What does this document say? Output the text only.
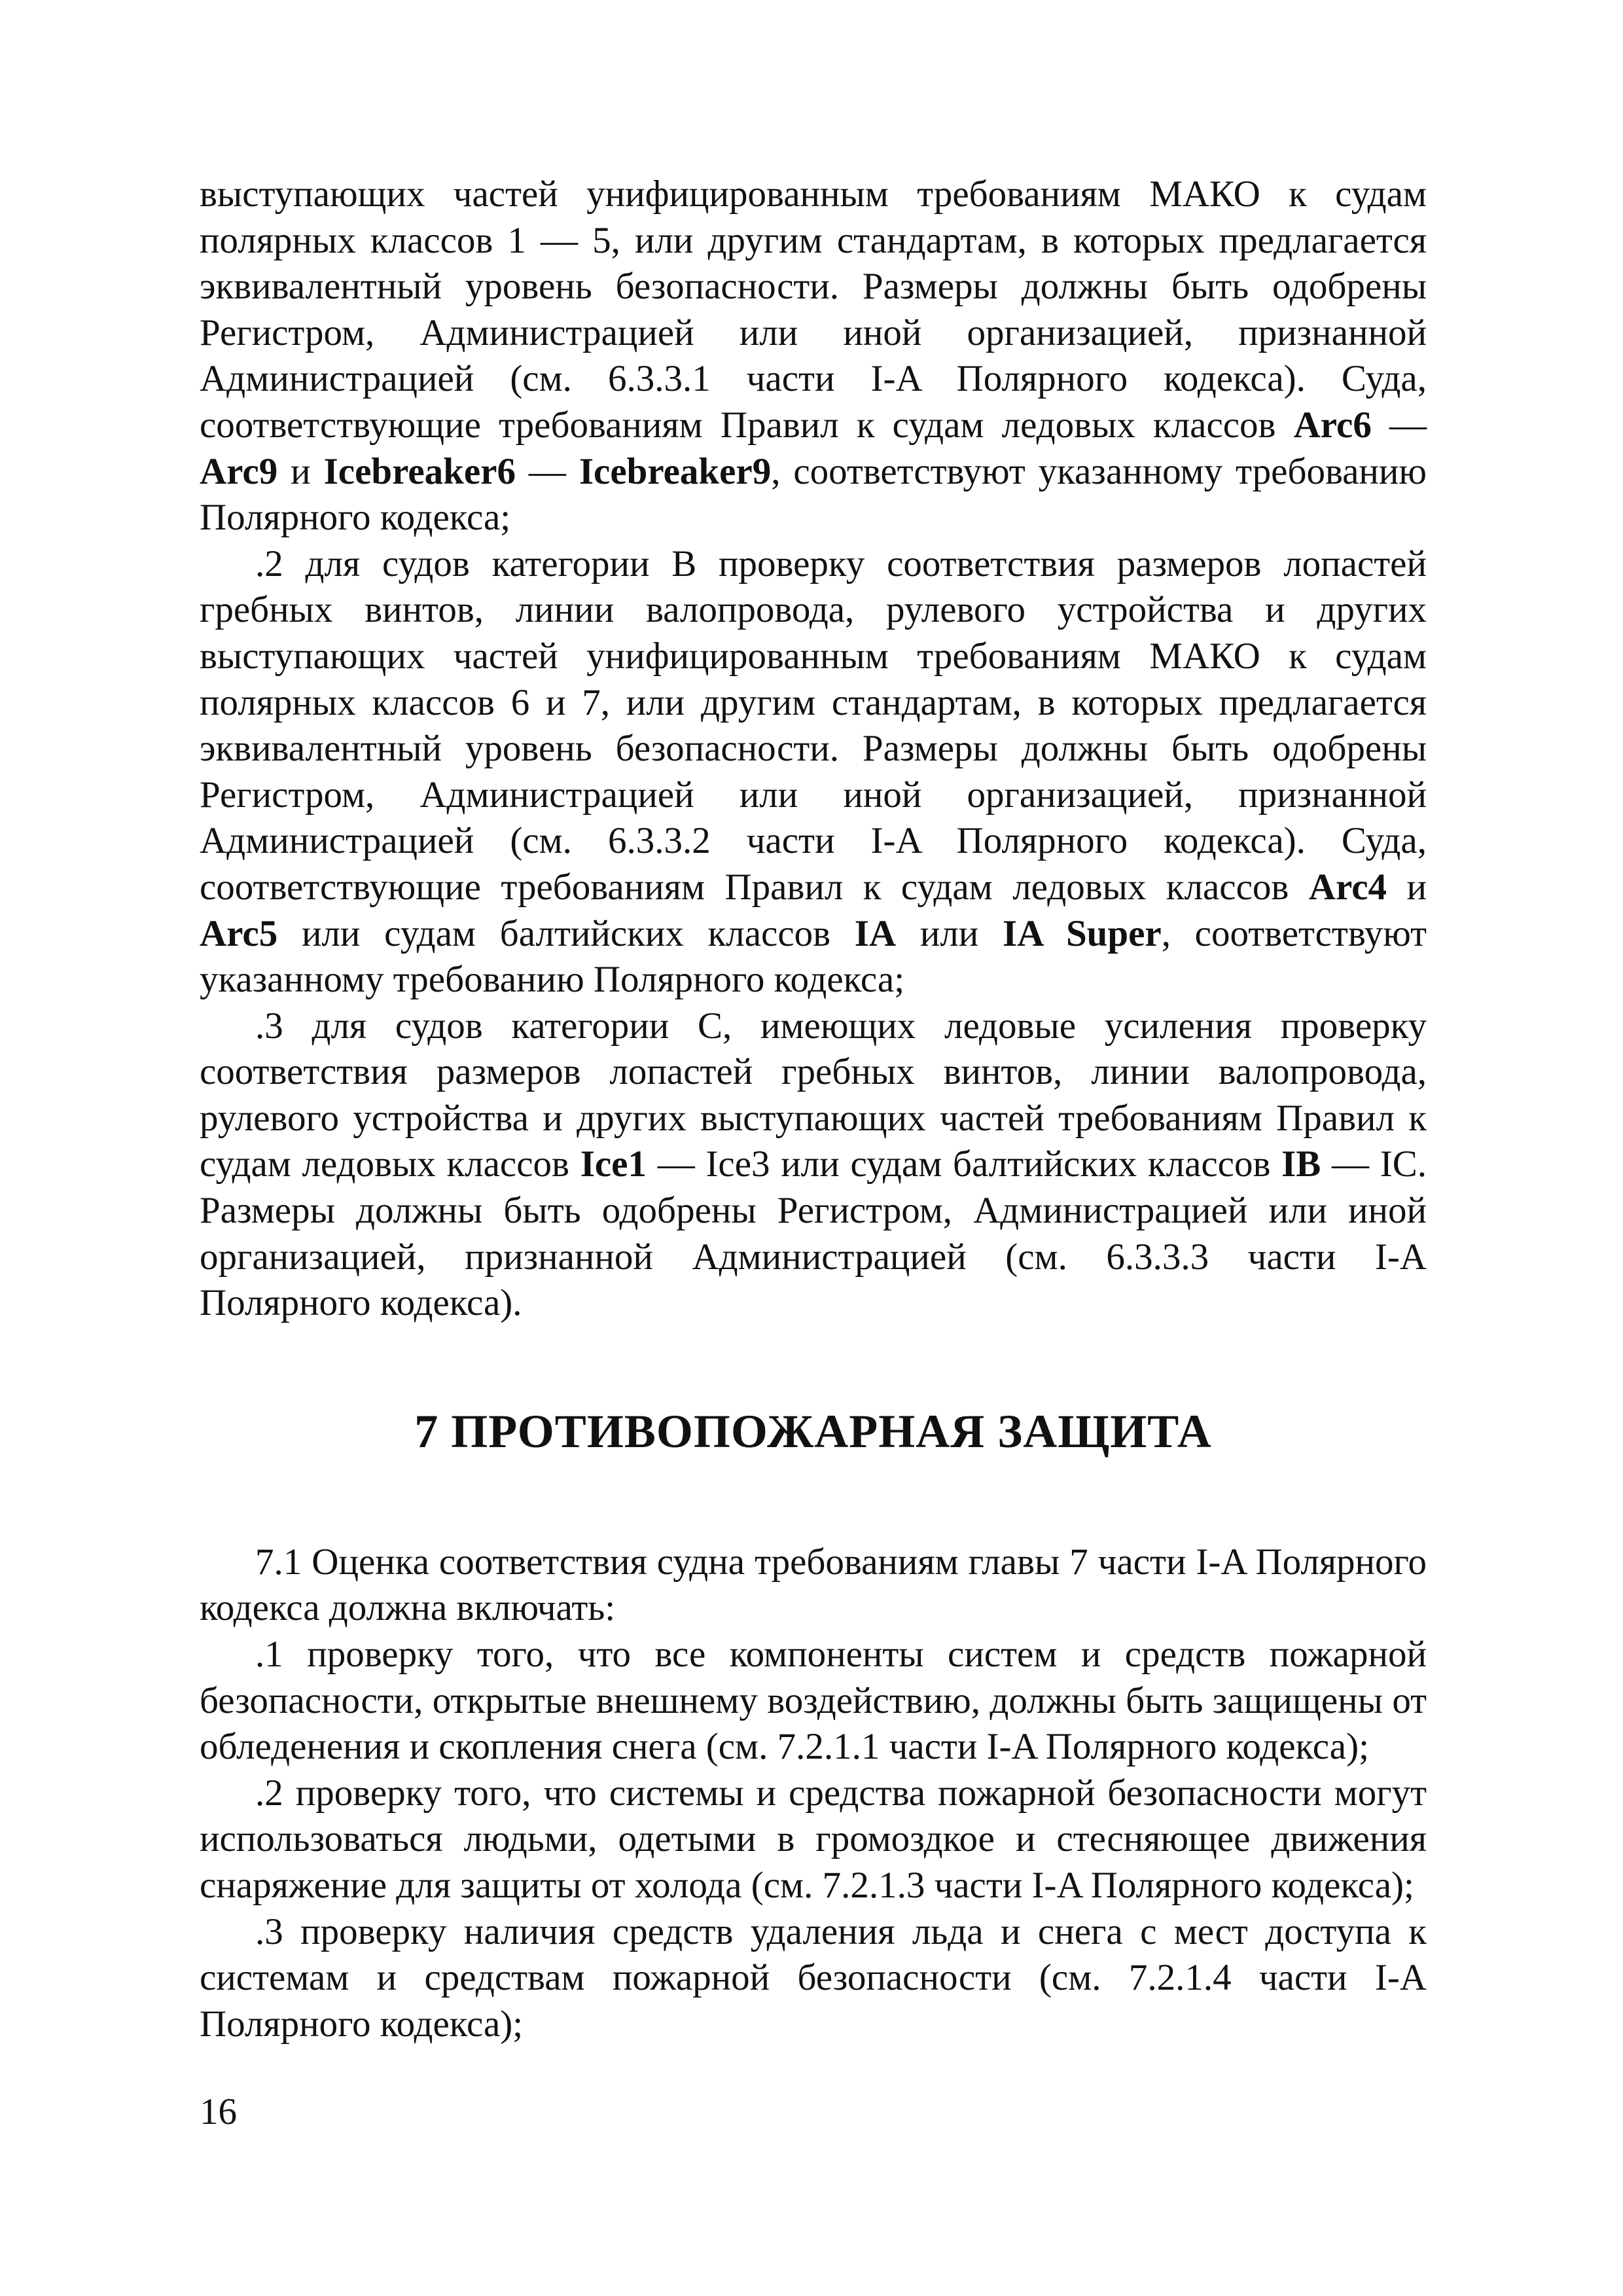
выступающих частей унифицированным требованиям МАКО к судам полярных классов 1 — 5, или другим стандартам, в которых предлагается эквивалентный уровень безопасности. Размеры должны быть одобрены Регистром, Администрацией или иной организацией, признанной Администрацией (см. 6.3.3.1 части I-A Полярного кодекса). Суда, соответствующие требованиям Правил к судам ледовых классов Arc6 — Arc9 и Icebreaker6 — Icebreaker9, соответствуют указанному требованию Полярного кодекса;

.2 для судов категории B проверку соответствия размеров лопастей гребных винтов, линии валопровода, рулевого устройства и других выступающих частей унифицированным требованиям МАКО к судам полярных классов 6 и 7, или другим стандартам, в которых предлагается эквивалентный уровень безопасности. Размеры должны быть одобрены Регистром, Администрацией или иной организацией, признанной Администрацией (см. 6.3.3.2 части I-A Полярного кодекса). Суда, соответствующие требованиям Правил к судам ледовых классов Arc4 и Arc5 или судам балтийских классов IA или IA Super, соответствуют указанному требованию Полярного кодекса;

.3 для судов категории C, имеющих ледовые усиления проверку соответствия размеров лопастей гребных винтов, линии валопровода, рулевого устройства и других выступающих частей требованиям Правил к судам ледовых классов Ice1 — Ice3 или судам балтийских классов IB — IC. Размеры должны быть одобрены Регистром, Администрацией или иной организацией, признанной Администрацией (см. 6.3.3.3 части I-A Полярного кодекса).

7 ПРОТИВОПОЖАРНАЯ ЗАЩИТА

7.1 Оценка соответствия судна требованиям главы 7 части I-A Полярного кодекса должна включать:

.1 проверку того, что все компоненты систем и средств пожарной безопасности, открытые внешнему воздействию, должны быть защищены от обледенения и скопления снега (см. 7.2.1.1 части I-A Полярного кодекса);

.2 проверку того, что системы и средства пожарной безопасности могут использоваться людьми, одетыми в громоздкое и стесняющее движения снаряжение для защиты от холода (см. 7.2.1.3 части I-A Полярного кодекса);

.3 проверку наличия средств удаления льда и снега с мест доступа к системам и средствам пожарной безопасности (см. 7.2.1.4 части I-A Полярного кодекса);

16
